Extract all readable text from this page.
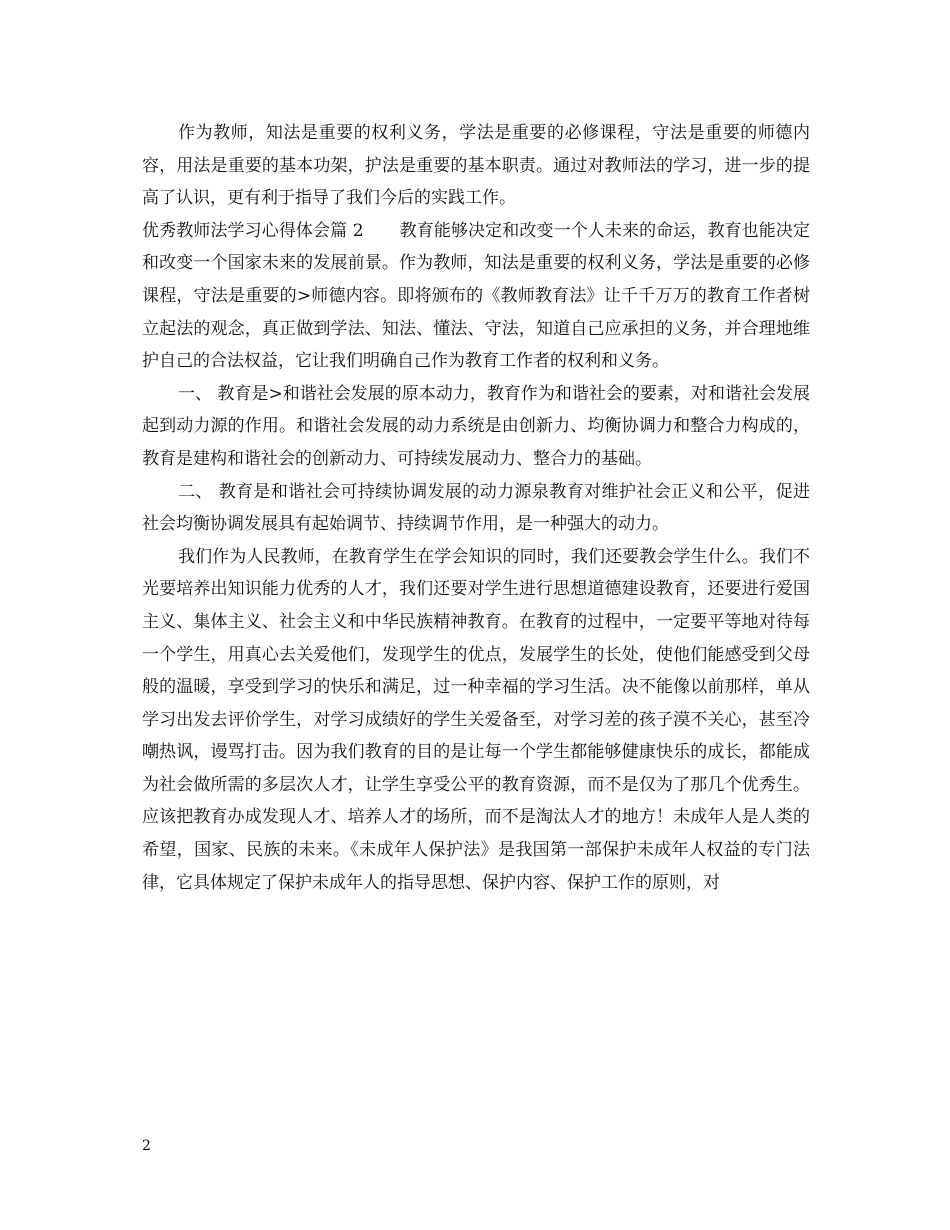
作为教师，知法是重要的权利义务，学法是重要的必修课程，守法是重要的师德内容，用法是重要的基本功架，护法是重要的基本职责。通过对教师法的学习，进一步的提高了认识，更有利于指导了我们今后的实践工作。

优秀教师法学习心得体会篇 2 教育能够决定和改变一个人未来的命运，教育也能决定和改变一个国家未来的发展前景。作为教师，知法是重要的权利义务，学法是重要的必修课程，守法是重要的>师德内容。即将颁布的《教师教育法》让千千万万的教育工作者树立起法的观念，真正做到学法、知法、懂法、守法，知道自己应承担的义务，并合理地维护自己的合法权益，它让我们明确自己作为教育工作者的权利和义务。

一、 教育是>和谐社会发展的原本动力，教育作为和谐社会的要素，对和谐社会发展起到动力源的作用。和谐社会发展的动力系统是由创新力、均衡协调力和整合力构成的，教育是建构和谐社会的创新动力、可持续发展动力、整合力的基础。

二、 教育是和谐社会可持续协调发展的动力源泉教育对维护社会正义和公平，促进社会均衡协调发展具有起始调节、持续调节作用，是一种强大的动力。

我们作为人民教师，在教育学生在学会知识的同时，我们还要教会学生什么。我们不光要培养出知识能力优秀的人才，我们还要对学生进行思想道德建设教育，还要进行爱国主义、集体主义、社会主义和中华民族精神教育。在教育的过程中，一定要平等地对待每一个学生，用真心去关爱他们，发现学生的优点，发展学生的长处，使他们能感受到父母般的温暖，享受到学习的快乐和满足，过一种幸福的学习生活。决不能像以前那样，单从学习出发去评价学生，对学习成绩好的学生关爱备至，对学习差的孩子漠不关心，甚至冷嘲热讽，谩骂打击。因为我们教育的目的是让每一个学生都能够健康快乐的成长，都能成为社会做所需的多层次人才，让学生享受公平的教育资源，而不是仅为了那几个优秀生。应该把教育办成发现人才、培养人才的场所，而不是淘汰人才的地方！未成年人是人类的希望，国家、民族的未来。《未成年人保护法》是我国第一部保护未成年人权益的专门法律，它具体规定了保护未成年人的指导思想、保护内容、保护工作的原则，对

2
